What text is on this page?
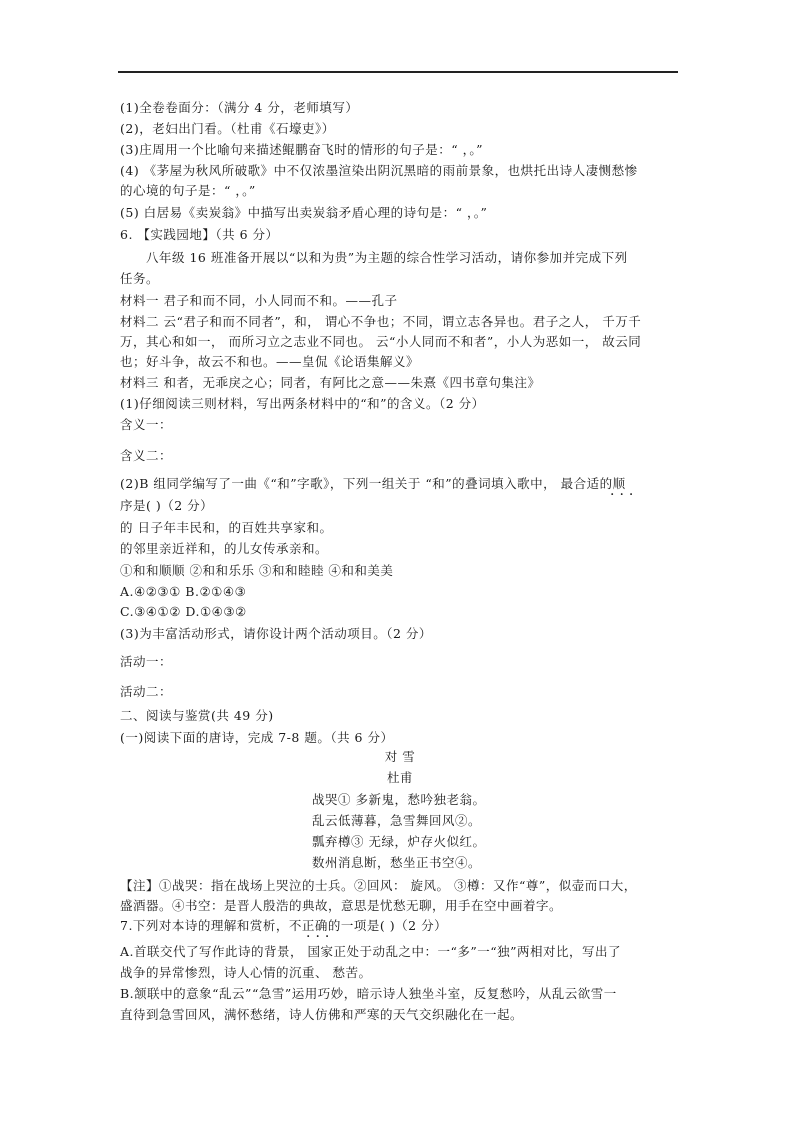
(1)全卷卷面分：（满分 4 分，老师填写）
(2)，老妇出门看。（杜甫《石壕吏》）
(3)庄周用一个比喻句来描述鲲鹏奋飞时的情形的句子是：“ ，。”
(4) 《茅屋为秋风所破歌》中不仅浓墨渲染出阴沉黑暗的雨前景象，也烘托出诗人凄恻愁惨
的心境的句子是：“ ，。”
(5) 白居易《卖炭翁》中描写出卖炭翁矛盾心理的诗句是：“ ，。”
6. 【实践园地】（共 6 分）
八年级 16 班准备开展以“以和为贵”为主题的综合性学习活动，请你参加并完成下列
任务。
材料一 君子和而不同，小人同而不和。——孔子
材料二 云“君子和而不同者”，和， 谓心不争也；不同，谓立志各异也。君子之人， 千万千
万，其心和如一， 而所习立之志业不同也。 云“小人同而不和者”，小人为恶如一， 故云同
也；好斗争，故云不和也。——皇侃《论语集解义》
材料三 和者，无乖戾之心；同者，有阿比之意——朱熹《四书章句集注》
(1)仔细阅读三则材料，写出两条材料中的“和”的含义。（2 分）
含义一：
含义二：
(2)B 组同学编写了一曲《“和”字歌》，下列一组关于 “和”的叠词填入歌中， 最合适的顺
···
序是( )（2 分）
的 日子年丰民和，的百姓共享家和。
的邻里亲近祥和，的儿女传承亲和。
①和和顺顺 ②和和乐乐 ③和和睦睦 ④和和美美
A.④②③① B.②①④③
C.③④①② D.①④③②
(3)为丰富活动形式，请你设计两个活动项目。（2 分）
活动一：
活动二：
二、阅读与鉴赏(共 49 分)
(一)阅读下面的唐诗，完成 7-8 题。（共 6 分）
对 雪
杜甫
战哭① 多新鬼，愁吟独老翁。
乱云低薄暮，急雪舞回风②。
瓢弃樽③ 无绿，炉存火似红。
数州消息断，愁坐正书空④。
【注】①战哭：指在战场上哭泣的士兵。②回风： 旋风。 ③樽：又作“尊”，似壶而口大，
盛酒器。④书空：是晋人殷浩的典故，意思是忧愁无聊，用手在空中画着字。
7.下列对本诗的理解和赏析，不正确的一项是( )（2 分）
···
A.首联交代了写作此诗的背景， 国家正处于动乱之中：一“多”一“独”两相对比，写出了
战争的异常惨烈，诗人心情的沉重、 愁苦。
B.颔联中的意象“乱云”“急雪”运用巧妙，暗示诗人独坐斗室，反复愁吟，从乱云欲雪一
直待到急雪回风，满怀愁绪，诗人仿佛和严寒的天气交织融化在一起。
